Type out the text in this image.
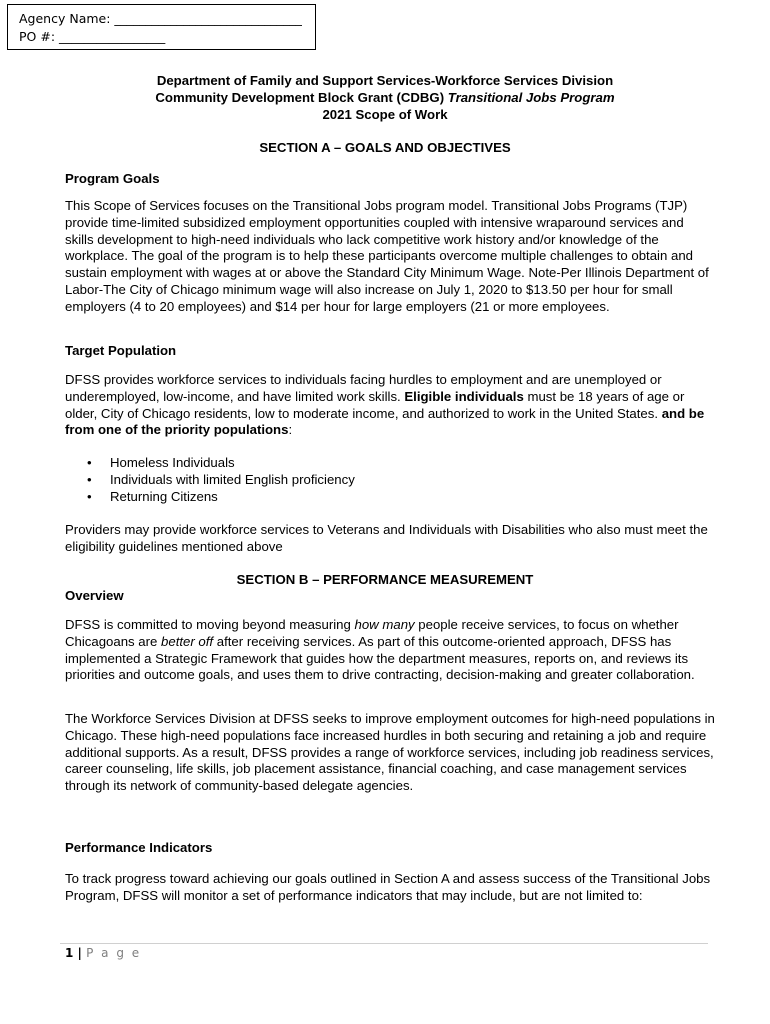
Agency Name: ______________________________
PO #: _________________
Department of Family and Support Services-Workforce Services Division
Community Development Block Grant (CDBG) Transitional Jobs Program
2021 Scope of Work
SECTION A – GOALS AND OBJECTIVES
Program Goals
This Scope of Services focuses on the Transitional Jobs program model. Transitional Jobs Programs (TJP) provide time-limited subsidized employment opportunities coupled with intensive wraparound services and skills development to high-need individuals who lack competitive work history and/or knowledge of the workplace. The goal of the program is to help these participants overcome multiple challenges to obtain and sustain employment with wages at or above the Standard City Minimum Wage. Note-Per Illinois Department of Labor-The City of Chicago minimum wage will also increase on July 1, 2020 to $13.50 per hour for small employers (4 to 20 employees) and $14 per hour for large employers (21 or more employees.
Target Population
DFSS provides workforce services to individuals facing hurdles to employment and are unemployed or underemployed, low-income, and have limited work skills. Eligible individuals must be 18 years of age or older, City of Chicago residents, low to moderate income, and authorized to work in the United States. and be from one of the priority populations:
• Homeless Individuals
• Individuals with limited English proficiency
• Returning Citizens
Providers may provide workforce services to Veterans and Individuals with Disabilities who also must meet the eligibility guidelines mentioned above
SECTION B – PERFORMANCE MEASUREMENT
Overview
DFSS is committed to moving beyond measuring how many people receive services, to focus on whether Chicagoans are better off after receiving services. As part of this outcome-oriented approach, DFSS has implemented a Strategic Framework that guides how the department measures, reports on, and reviews its priorities and outcome goals, and uses them to drive contracting, decision-making and greater collaboration.
The Workforce Services Division at DFSS seeks to improve employment outcomes for high-need populations in Chicago. These high-need populations face increased hurdles in both securing and retaining a job and require additional supports. As a result, DFSS provides a range of workforce services, including job readiness services, career counseling, life skills, job placement assistance, financial coaching, and case management services through its network of community-based delegate agencies.
Performance Indicators
To track progress toward achieving our goals outlined in Section A and assess success of the Transitional Jobs Program, DFSS will monitor a set of performance indicators that may include, but are not limited to:
1 | P a g e
